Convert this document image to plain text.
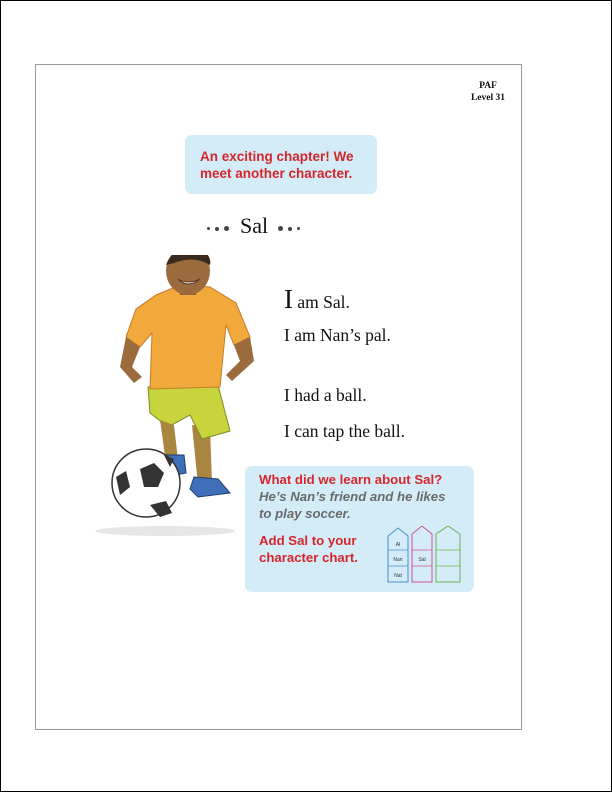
PAF
Level 31
An exciting chapter! We
meet another character.
Sal
I am Sal.
I am Nan’s pal.
I had a ball.
I can tap the ball.
What did we learn about Sal?
He’s Nan’s friend and he likes
to play soccer.
Add Sal to your
character chart.
Al
Nan
Nat
Sal
